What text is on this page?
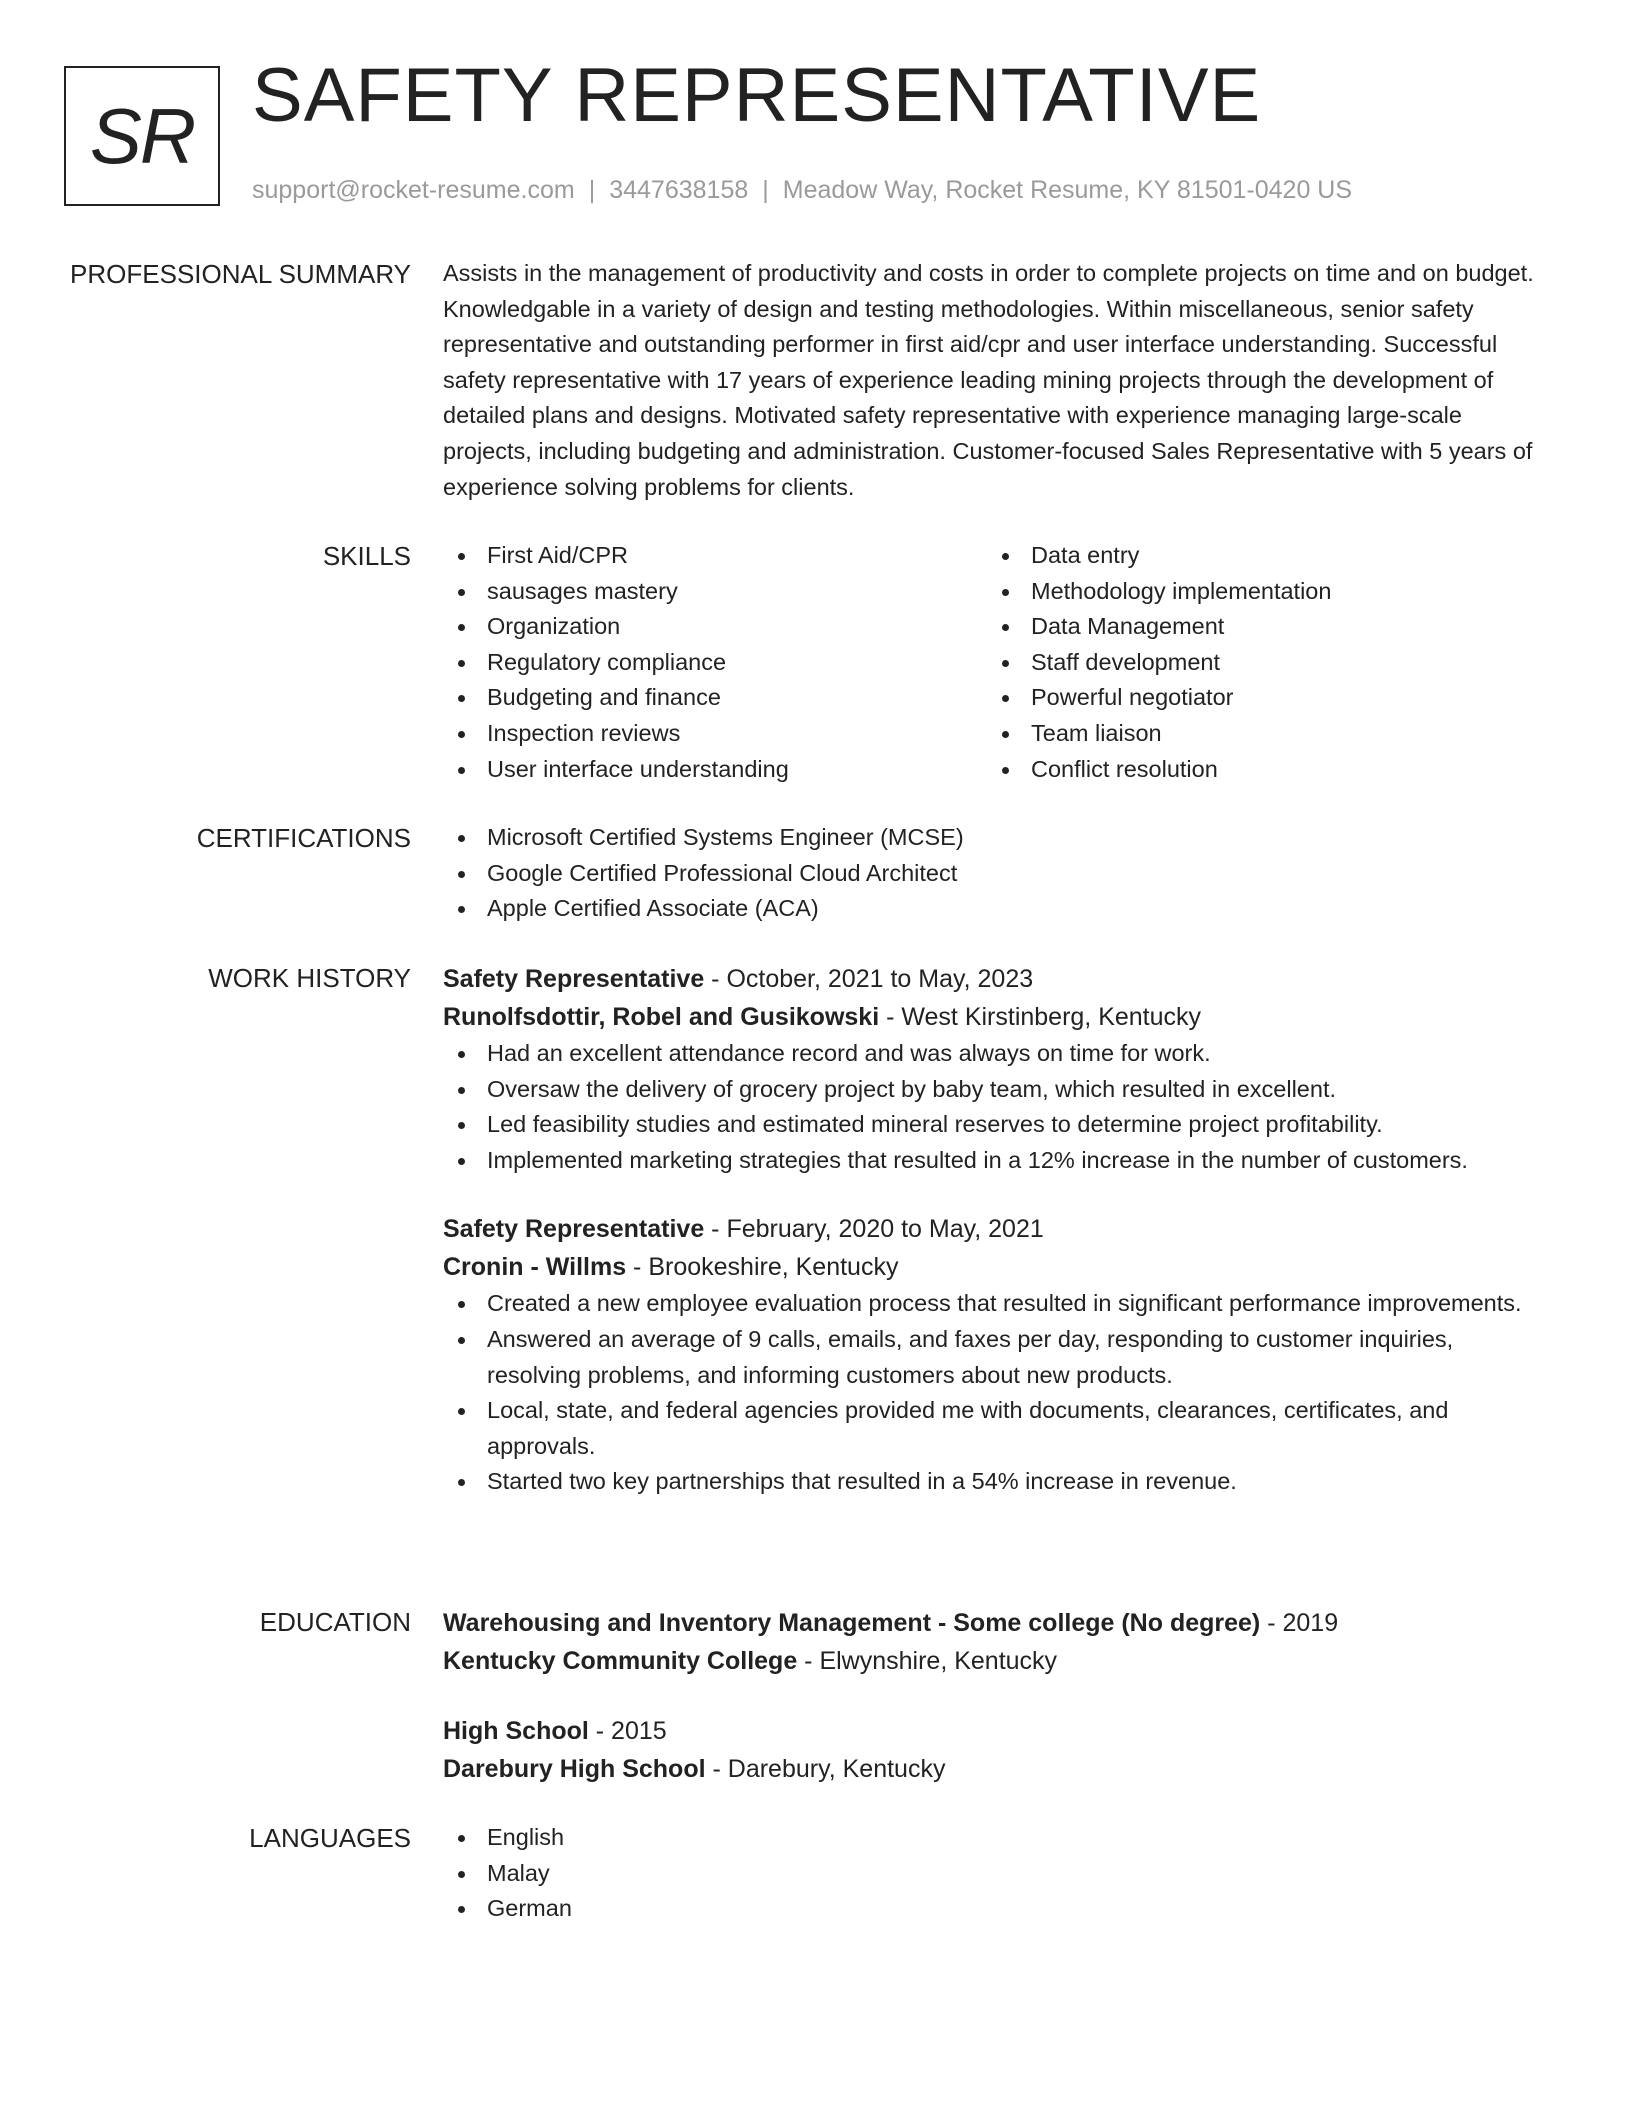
SR SAFETY REPRESENTATIVE
support@rocket-resume.com | 3447638158 | Meadow Way, Rocket Resume, KY 81501-0420 US
PROFESSIONAL SUMMARY Assists in the management of productivity and costs in order to complete projects on time and on budget. Knowledgable in a variety of design and testing methodologies. Within miscellaneous, senior safety representative and outstanding performer in first aid/cpr and user interface understanding. Successful safety representative with 17 years of experience leading mining projects through the development of detailed plans and designs. Motivated safety representative with experience managing large-scale projects, including budgeting and administration. Customer-focused Sales Representative with 5 years of experience solving problems for clients.
SKILLS	First Aid/CPR
sausages mastery
Organization
Regulatory compliance
Budgeting and finance
Inspection reviews
User interface understanding
Data entry
Methodology implementation
Data Management
Staff development
Powerful negotiator
Team liaison
Conflict resolution
CERTIFICATIONS	Microsoft Certified Systems Engineer (MCSE)
Google Certified Professional Cloud Architect
Apple Certified Associate (ACA)
WORK HISTORY Safety Representative - October, 2021 to May, 2023
Runolfsdottir, Robel and Gusikowski - West Kirstinberg, Kentucky
Had an excellent attendance record and was always on time for work.
Oversaw the delivery of grocery project by baby team, which resulted in excellent.
Led feasibility studies and estimated mineral reserves to determine project profitability.
Implemented marketing strategies that resulted in a 12% increase in the number of customers.
Safety Representative - February, 2020 to May, 2021
Cronin - Willms - Brookeshire, Kentucky
Created a new employee evaluation process that resulted in significant performance improvements.
Answered an average of 9 calls, emails, and faxes per day, responding to customer inquiries, resolving problems, and informing customers about new products.
Local, state, and federal agencies provided me with documents, clearances, certificates, and approvals.
Started two key partnerships that resulted in a 54% increase in revenue.
EDUCATION Warehousing and Inventory Management - Some college (No degree) - 2019
Kentucky Community College - Elwynshire, Kentucky
High School - 2015
Darebury High School - Darebury, Kentucky
LANGUAGES	English
Malay
German
